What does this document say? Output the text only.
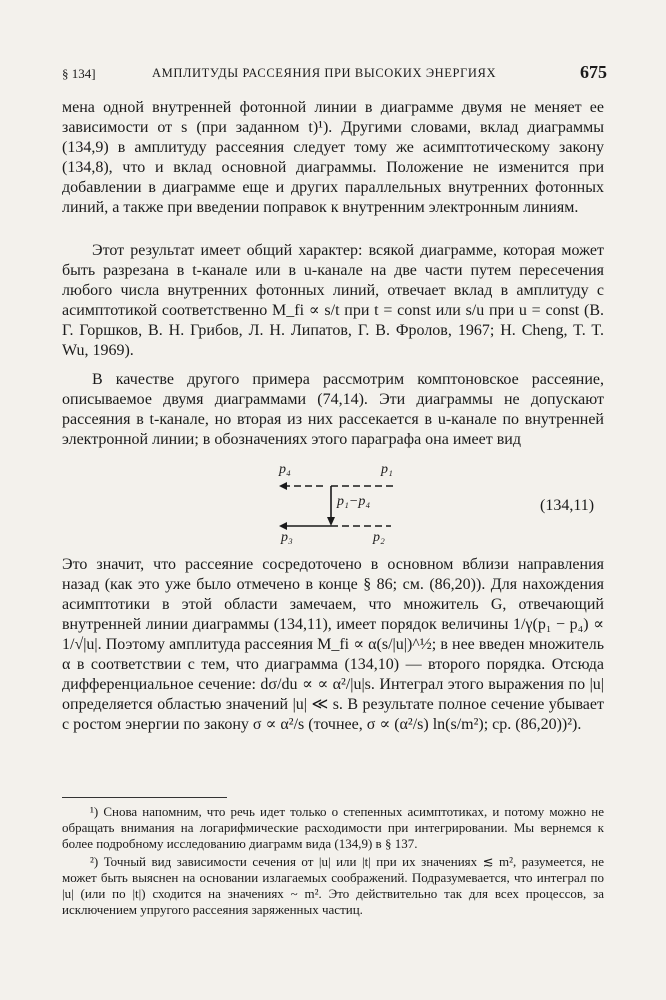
§ 134]	АМПЛИТУДЫ РАССЕЯНИЯ ПРИ ВЫСОКИХ ЭНЕРГИЯХ	675

мена одной внутренней фотонной линии в диаграмме двумя не меняет ее зависимости от s (при заданном t)¹). Другими словами, вклад диаграммы (134,9) в амплитуду рассеяния следует тому же асимптотическому закону (134,8), что и вклад основной диаграммы. Положение не изменится при добавлении в диаграмме еще и других параллельных внутренних фотонных линий, а также при введении поправок к внутренним электронным линиям.

Этот результат имеет общий характер: всякой диаграмме, которая может быть разрезана в t-канале или в u-канале на две части путем пересечения любого числа внутренних фотонных линий, отвечает вклад в амплитуду с асимптотикой соответственно M_fi ∝ s/t при t = const или s/u при u = const (В. Г. Горшков, В. Н. Грибов, Л. Н. Липатов, Г. В. Фролов, 1967; H. Cheng, T. T. Wu, 1969).

В качестве другого примера рассмотрим комптоновское рассеяние, описываемое двумя диаграммами (74,14). Эти диаграммы не допускают рассеяния в t-канале, но вторая из них рассекается в u-канале по внутренней электронной линии; в обозначениях этого параграфа она имеет вид

p₄	p₁
p₁−p₄
p₃	p₂
(134,11)

Это значит, что рассеяние сосредоточено в основном вблизи направления назад (как это уже было отмечено в конце § 86; см. (86,20)). Для нахождения асимптотики в этой области замечаем, что множитель G, отвечающий внутренней линии диаграммы (134,11), имеет порядок величины 1/γ(p₁ − p₄) ∝ 1/√|u|. Поэтому амплитуда рассеяния M_fi ∝ α(s/|u|)^½; в нее введен множитель α в соответствии с тем, что диаграмма (134,10) — второго порядка. Отсюда дифференциальное сечение: dσ/du ∝ ∝ α²/|u|s. Интеграл этого выражения по |u| определяется областью значений |u| ≪ s. В результате полное сечение убывает с ростом энергии по закону σ ∝ α²/s (точнее, σ ∝ (α²/s) ln(s/m²); ср. (86,20))²).

¹) Снова напомним, что речь идет только о степенных асимптотиках, и потому можно не обращать внимания на логарифмические расходимости при интегрировании. Мы вернемся к более подробному исследованию диаграмм вида (134,9) в § 137.

²) Точный вид зависимости сечения от |u| или |t| при их значениях ≲ m², разумеется, не может быть выяснен на основании излагаемых соображений. Подразумевается, что интеграл по |u| (или по |t|) сходится на значениях ~ m². Это действительно так для всех процессов, за исключением упругого рассеяния заряженных частиц.
